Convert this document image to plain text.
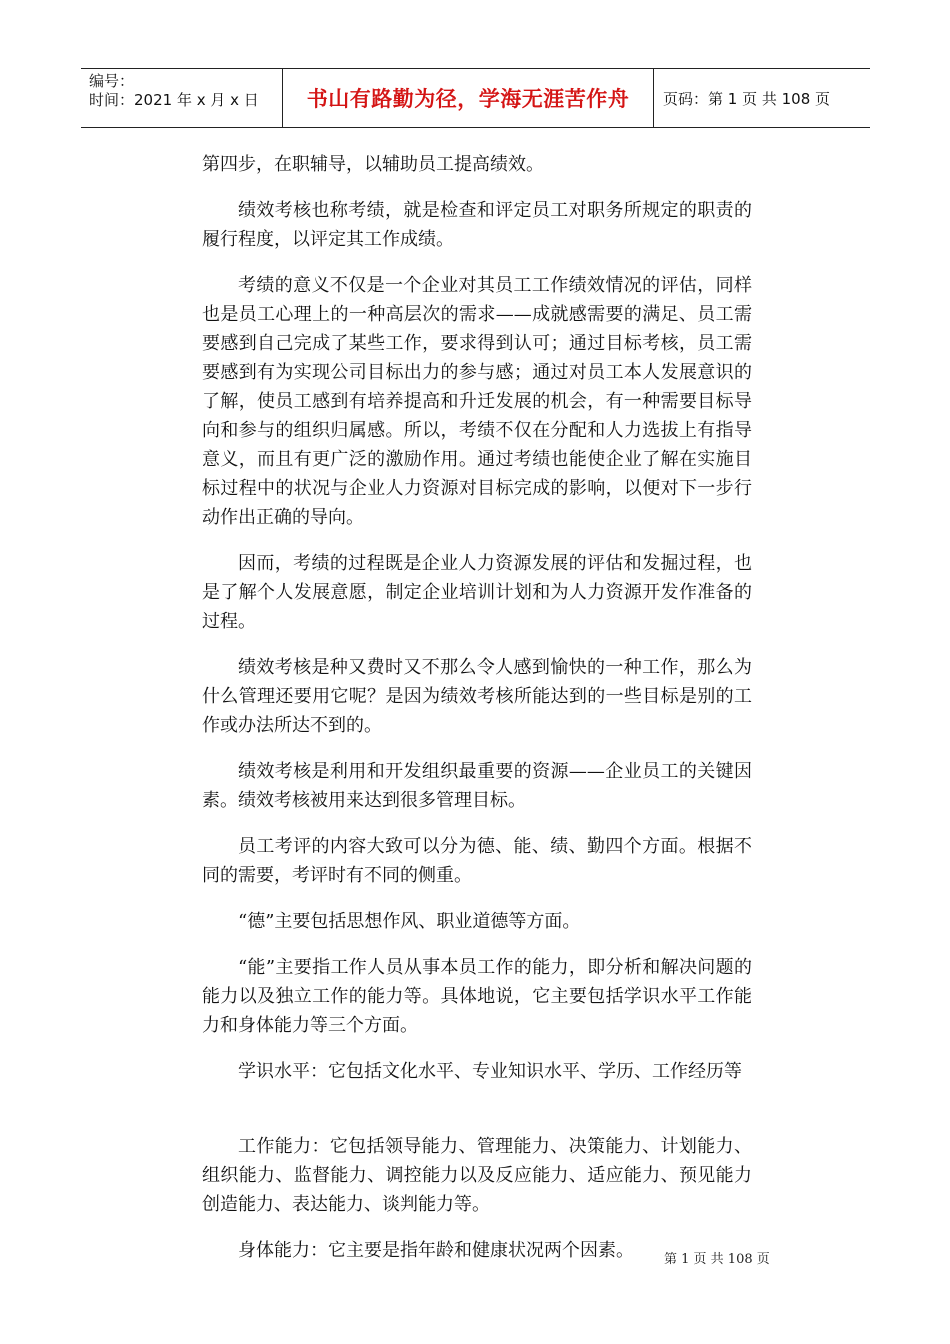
编号：
时间：2021 年 x 月 x 日	书山有路勤为径，学海无涯苦作舟	页码：第 1 页 共 108 页

第四步，在职辅导，以辅助员工提高绩效。

绩效考核也称考绩，就是检查和评定员工对职务所规定的职责的履行程度，以评定其工作成绩。

考绩的意义不仅是一个企业对其员工工作绩效情况的评估，同样也是员工心理上的一种高层次的需求——成就感需要的满足、员工需要感到自己完成了某些工作，要求得到认可；通过目标考核，员工需要感到有为实现公司目标出力的参与感；通过对员工本人发展意识的了解，使员工感到有培养提高和升迁发展的机会，有一种需要目标导向和参与的组织归属感。所以，考绩不仅在分配和人力选拔上有指导意义，而且有更广泛的激励作用。通过考绩也能使企业了解在实施目标过程中的状况与企业人力资源对目标完成的影响，以便对下一步行动作出正确的导向。

因而，考绩的过程既是企业人力资源发展的评估和发掘过程，也是了解个人发展意愿，制定企业培训计划和为人力资源开发作准备的过程。

绩效考核是种又费时又不那么令人感到愉快的一种工作，那么为什么管理还要用它呢？是因为绩效考核所能达到的一些目标是别的工作或办法所达不到的。

绩效考核是利用和开发组织最重要的资源——企业员工的关键因素。绩效考核被用来达到很多管理目标。

员工考评的内容大致可以分为德、能、绩、勤四个方面。根据不同的需要，考评时有不同的侧重。

“德”主要包括思想作风、职业道德等方面。

“能”主要指工作人员从事本员工作的能力，即分析和解决问题的能力以及独立工作的能力等。具体地说，它主要包括学识水平工作能力和身体能力等三个方面。

学识水平：它包括文化水平、专业知识水平、学历、工作经历等

工作能力：它包括领导能力、管理能力、决策能力、计划能力、组织能力、监督能力、调控能力以及反应能力、适应能力、预见能力创造能力、表达能力、谈判能力等。

身体能力：它主要是指年龄和健康状况两个因素。	第 1 页 共 108 页
